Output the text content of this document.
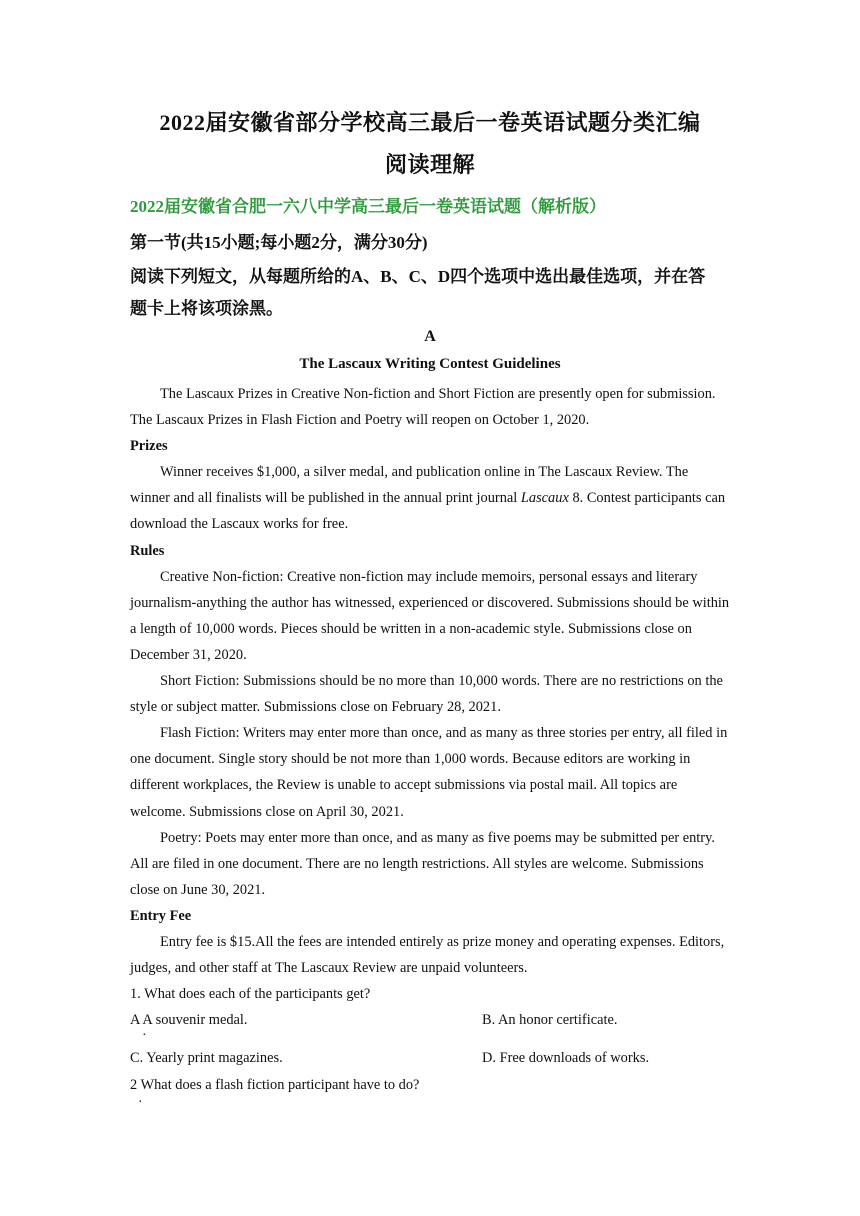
2022届安徽省部分学校高三最后一卷英语试题分类汇编
阅读理解
2022届安徽省合肥一六八中学高三最后一卷英语试题（解析版）
第一节(共15小题;每小题2分，满分30分)
阅读下列短文，从每题所给的A、B、C、D四个选项中选出最佳选项，并在答
题卡上将该项涂黑。
A
The Lascaux Writing Contest Guidelines

The Lascaux Prizes in Creative Non-fiction and Short Fiction are presently open for submission. The Lascaux Prizes in Flash Fiction and Poetry will reopen on October 1, 2020.

Prizes

Winner receives $1,000, a silver medal, and publication online in The Lascaux Review. The winner and all finalists will be published in the annual print journal Lascaux 8. Contest participants can download the Lascaux works for free.

Rules

Creative Non-fiction: Creative non-fiction may include memoirs, personal essays and literary journalism-anything the author has witnessed, experienced or discovered. Submissions should be within a length of 10,000 words. Pieces should be written in a non-academic style. Submissions close on December 31, 2020.

Short Fiction: Submissions should be no more than 10,000 words. There are no restrictions on the style or subject matter. Submissions close on February 28, 2021.

Flash Fiction: Writers may enter more than once, and as many as three stories per entry, all filed in one document. Single story should be not more than 1,000 words. Because editors are working in different workplaces, the Review is unable to accept submissions via postal mail. All topics are welcome. Submissions close on April 30, 2021.

Poetry: Poets may enter more than once, and as many as five poems may be submitted per entry. All are filed in one document. There are no length restrictions. All styles are welcome. Submissions close on June 30, 2021.

Entry Fee

Entry fee is $15.All the fees are intended entirely as prize money and operating expenses. Editors, judges, and other staff at The Lascaux Review are unpaid volunteers.

1. What does each of the participants get?

A A souvenir medal.
·
B. An honor certificate.
C. Yearly print magazines.	D. Free downloads of works.

2 What does a flash fiction participant have to do?

·
